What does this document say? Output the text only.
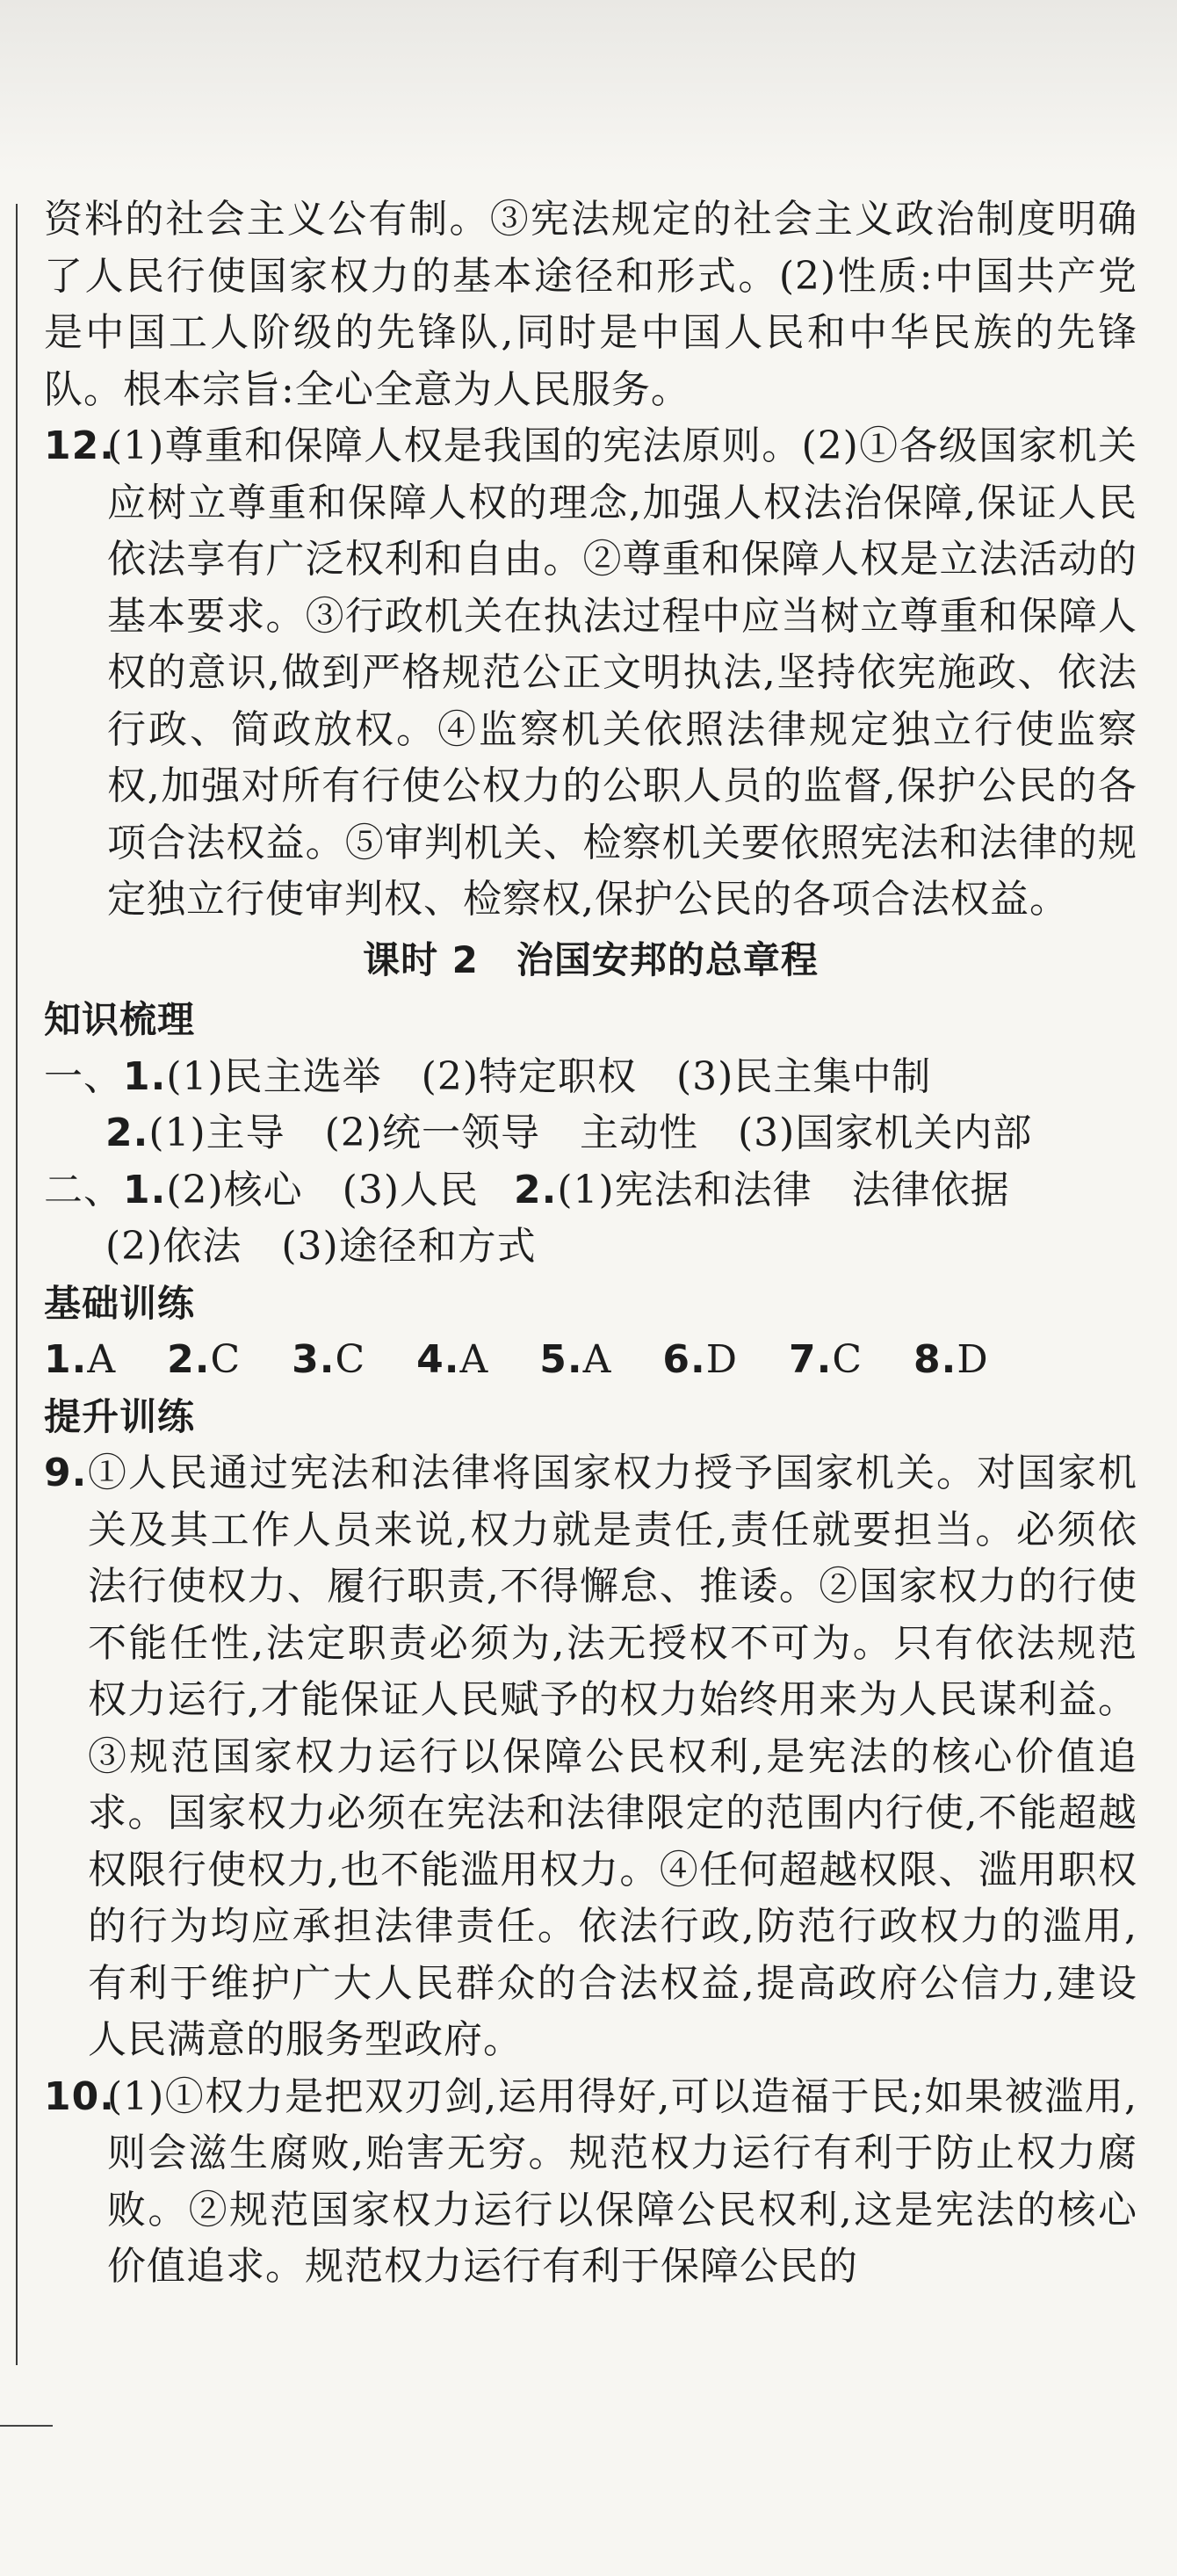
资料的社会主义公有制。③宪法规定的社会主义政治制度明确了人民行使国家权力的基本途径和形式。(2)性质:中国共产党是中国工人阶级的先锋队,同时是中国人民和中华民族的先锋队。根本宗旨:全心全意为人民服务。

12.
(1)尊重和保障人权是我国的宪法原则。(2)①各级国家机关应树立尊重和保障人权的理念,加强人权法治保障,保证人民依法享有广泛权利和自由。②尊重和保障人权是立法活动的基本要求。③行政机关在执法过程中应当树立尊重和保障人权的意识,做到严格规范公正文明执法,坚持依宪施政、依法行政、简政放权。④监察机关依照法律规定独立行使监察权,加强对所有行使公权力的公职人员的监督,保护公民的各项合法权益。⑤审判机关、检察机关要依照宪法和法律的规定独立行使审判权、检察权,保护公民的各项合法权益。
课时 2　治国安邦的总章程
知识梳理
一、1.(1)民主选举　(2)特定职权　(3)民主集中制
2.(1)主导　(2)统一领导　主动性　(3)国家机关内部
二、1.(2)核心　(3)人民 2.(1)宪法和法律　法律依据
(2)依法　(3)途径和方式
基础训练
1.A 2.C 3.C 4.A 5.A 6.D 7.C 8.D
提升训练
9. ①人民通过宪法和法律将国家权力授予国家机关。对国家机关及其工作人员来说,权力就是责任,责任就要担当。必须依法行使权力、履行职责,不得懈怠、推诿。②国家权力的行使不能任性,法定职责必须为,法无授权不可为。只有依法规范权力运行,才能保证人民赋予的权力始终用来为人民谋利益。③规范国家权力运行以保障公民权利,是宪法的核心价值追求。国家权力必须在宪法和法律限定的范围内行使,不能超越权限行使权力,也不能滥用权力。④任何超越权限、滥用职权的行为均应承担法律责任。依法行政,防范行政权力的滥用,有利于维护广大人民群众的合法权益,提高政府公信力,建设人民满意的服务型政府。
10.
(1)①权力是把双刃剑,运用得好,可以造福于民;如果被滥用,则会滋生腐败,贻害无穷。规范权力运行有利于防止权力腐败。②规范国家权力运行以保障公民权利,这是宪法的核心价值追求。规范权力运行有利于保障公民的
